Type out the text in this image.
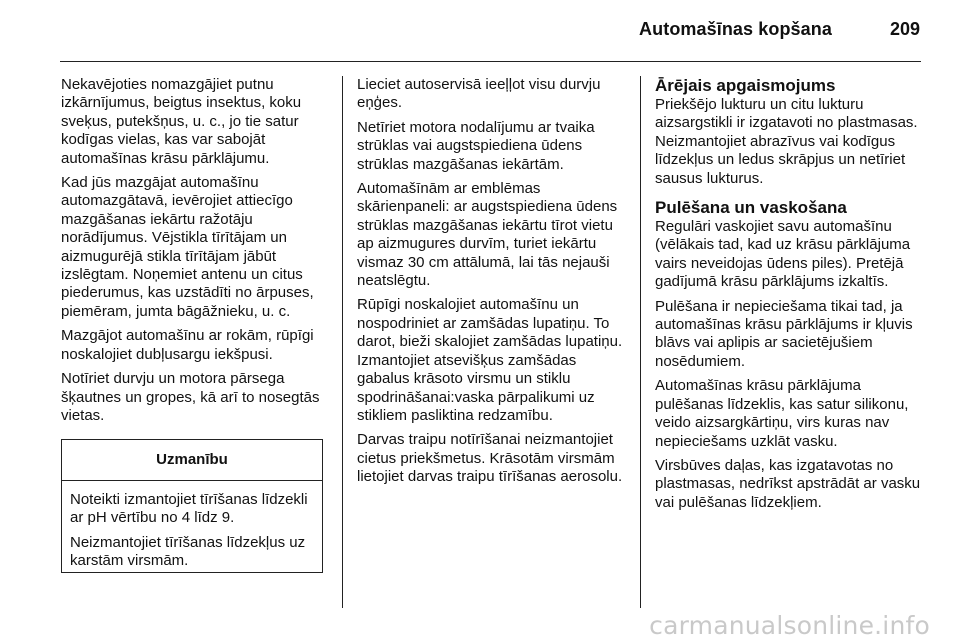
Automašīnas kopšana	209

Nekavējoties nomazgājiet putnu izkārnījumus, beigtus insektus, koku sveķus, putekšņus, u. c., jo tie satur kodīgas vielas, kas var sabojāt automašīnas krāsu pārklājumu.

Kad jūs mazgājat automašīnu automazgātavā, ievērojiet attiecīgo mazgāšanas iekārtu ražotāju norādījumus. Vējstikla tīrītājam un aizmugurējā stikla tīrītājam jābūt izslēgtam. Noņemiet antenu un citus piederumus, kas uzstādīti no ārpuses, piemēram, jumta bāgāžnieku, u. c.

Mazgājot automašīnu ar rokām, rūpīgi noskalojiet dubļusargu iekšpusi.

Notīriet durvju un motora pārsega šķautnes un gropes, kā arī to nosegtās vietas.

Uzmanību

Noteikti izmantojiet tīrīšanas līdzekli ar pH vērtību no 4 līdz 9.

Neizmantojiet tīrīšanas līdzekļus uz karstām virsmām.

Lieciet autoservisā ieeļļot visu durvju eņģes.

Netīriet motora nodalījumu ar tvaika strūklas vai augstspiediena ūdens strūklas mazgāšanas iekārtām.

Automašīnām ar emblēmas skārienpaneli: ar augstspiediena ūdens strūklas mazgāšanas iekārtu tīrot vietu ap aizmugures durvīm, turiet iekārtu vismaz 30 cm attālumā, lai tās nejauši neatslēgtu.

Rūpīgi noskalojiet automašīnu un nospodriniet ar zamšādas lupatiņu. To darot, bieži skalojiet zamšādas lupatiņu. Izmantojiet atsevišķus zamšādas gabalus krāsoto virsmu un stiklu spodrināšanai:vaska pārpalikumi uz stikliem pasliktina redzamību.

Darvas traipu notīrīšanai neizmantojiet cietus priekšmetus. Krāsotām virsmām lietojiet darvas traipu tīrīšanas aerosolu.

Ārējais apgaismojums

Priekšējo lukturu un citu lukturu aizsargstikli ir izgatavoti no plastmasas. Neizmantojiet abrazīvus vai kodīgus līdzekļus un ledus skrāpjus un netīriet sausus lukturus.

Pulēšana un vaskošana

Regulāri vaskojiet savu automašīnu (vēlākais tad, kad uz krāsu pārklājuma vairs neveidojas ūdens piles). Pretējā gadījumā krāsu pārklājums izkaltīs.

Pulēšana ir nepieciešama tikai tad, ja automašīnas krāsu pārklājums ir kļuvis blāvs vai aplipis ar sacietējušiem nosēdumiem.

Automašīnas krāsu pārklājuma pulēšanas līdzeklis, kas satur silikonu, veido aizsargkārtiņu, virs kuras nav nepieciešams uzklāt vasku.

Virsbūves daļas, kas izgatavotas no plastmasas, nedrīkst apstrādāt ar vasku vai pulēšanas līdzekļiem.

carmanualsonline.info
